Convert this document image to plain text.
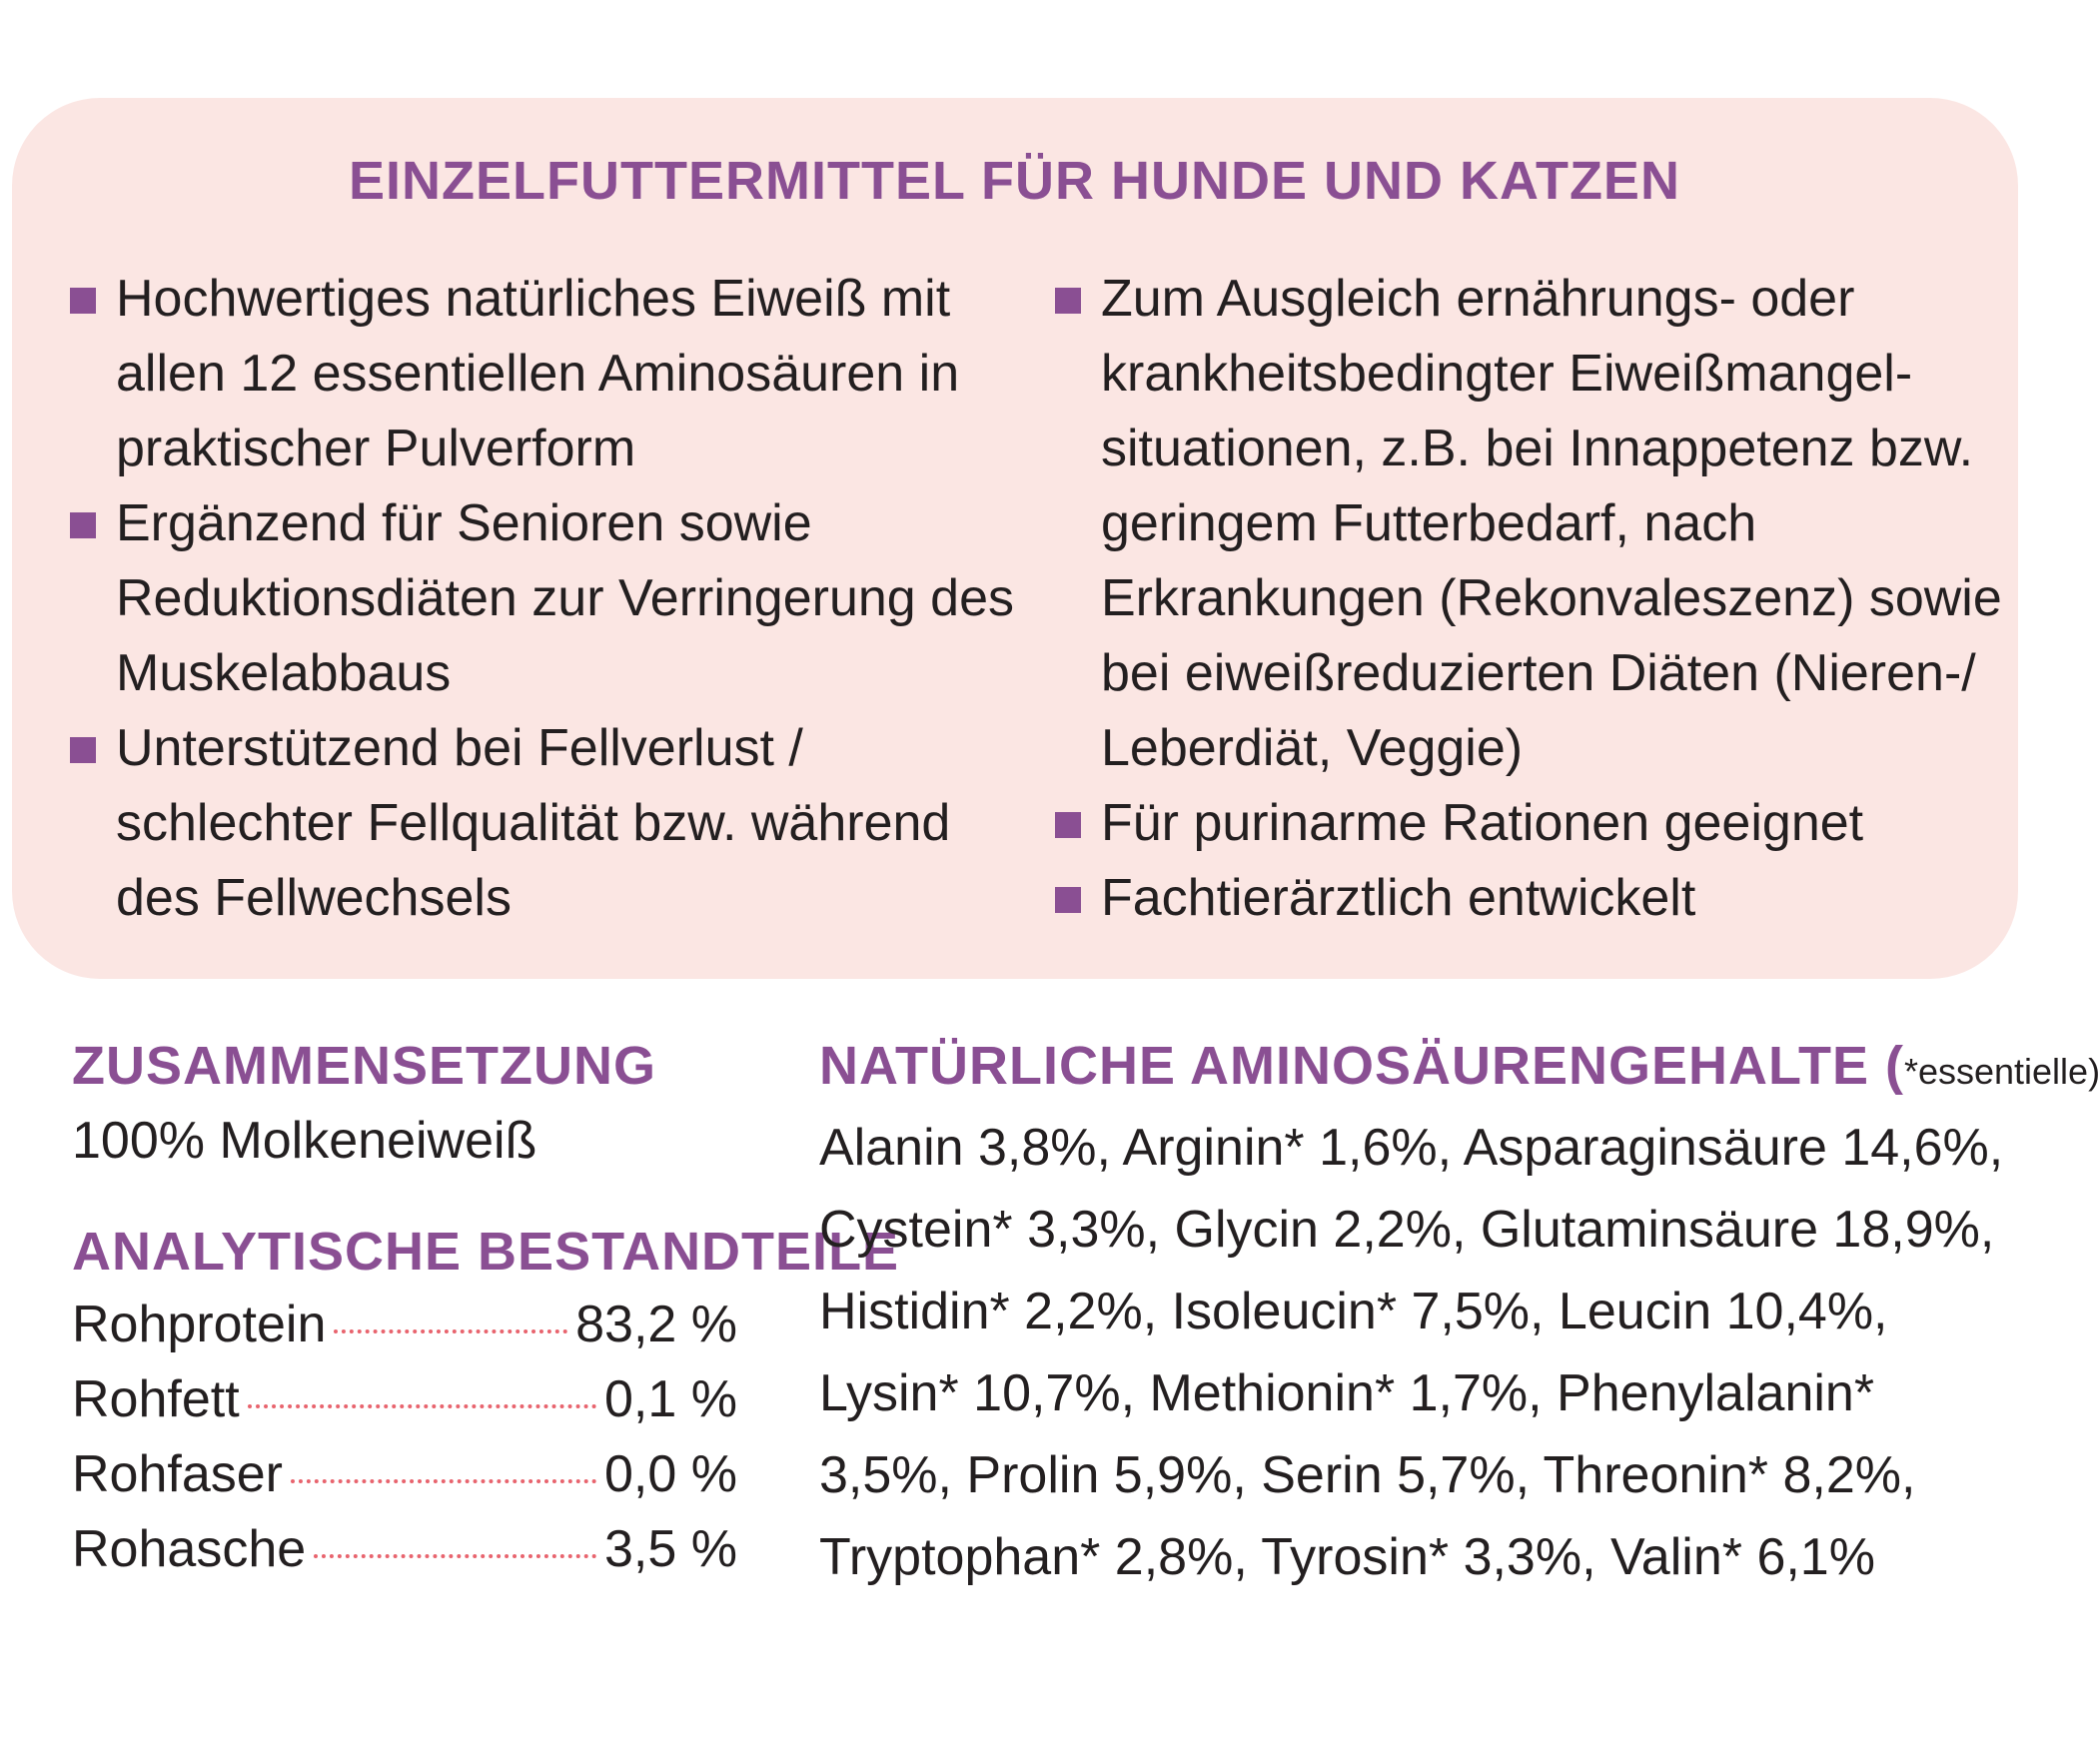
EINZELFUTTERMITTEL FÜR HUNDE UND KATZEN
Hochwertiges natürliches Eiweiß mit allen 12 essentiellen Aminosäuren in praktischer Pulverform
Ergänzend für Senioren sowie Reduktionsdiäten zur Verringerung des Muskelabbaus
Unterstützend bei Fellverlust / schlechter Fellqualität bzw. während des Fellwechsels
Zum Ausgleich ernährungs- oder krankheitsbedingter Eiweißmangel- situationen, z.B. bei Innappetenz bzw. geringem Futterbedarf, nach Erkrankungen (Rekonvaleszenz) sowie bei eiweißreduzierten Diäten (Nieren-/ Leberdiät, Veggie)
Für purinarme Rationen geeignet
Fachtierärztlich entwickelt
ZUSAMMENSETZUNG
100% Molkeneiweiß
ANALYTISCHE BESTANDTEILE
Rohprotein	83,2 %
Rohfett	0,1 %
Rohfaser	0,0 %
Rohasche	3,5 %
NATÜRLICHE AMINOSÄURENGEHALTE (*essentielle)

Alanin 3,8%, Arginin* 1,6%, Asparaginsäure 14,6%, Cystein* 3,3%, Glycin 2,2%, Glutaminsäure 18,9%, Histidin* 2,2%, Isoleucin* 7,5%, Leucin 10,4%, Lysin* 10,7%, Methionin* 1,7%, Phenylalanin* 3,5%, Prolin 5,9%, Serin 5,7%, Threonin* 8,2%, Tryptophan* 2,8%, Tyrosin* 3,3%, Valin* 6,1%
